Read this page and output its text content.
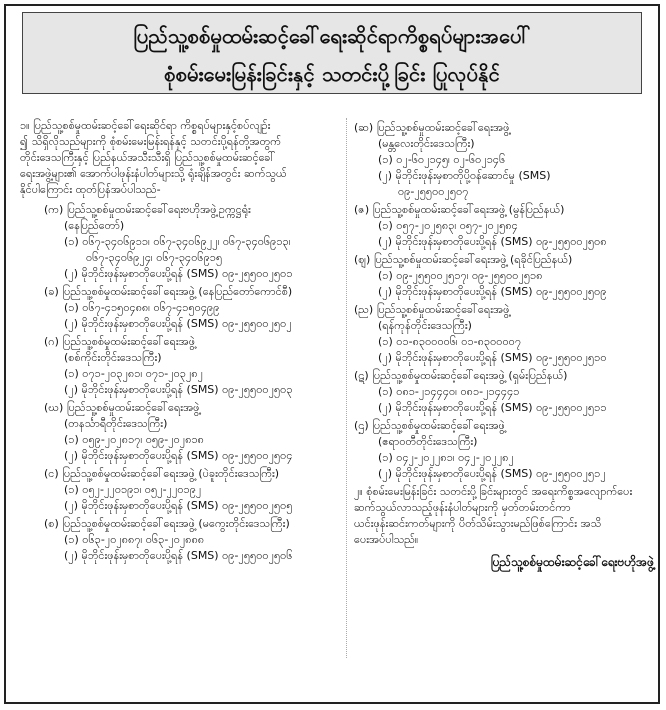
ပြည်သူ့စစ်မှုထမ်းဆင့်ခေါ်ရေးဆိုင်ရာကိစ္စရပ်များအပေါ်
စုံစမ်းမေးမြန်းခြင်းနှင့် သတင်းပို့ခြင်း ပြုလုပ်နိုင်
၁။ ပြည်သူ့စစ်မှုထမ်းဆင့်ခေါ်ရေးဆိုင်ရာ ကိစ္စရပ်များနှင့်စပ်လျဉ်း
၍ သိရှိလိုသည်များကို စုံစမ်းမေးမြန်းရန်နှင့် သတင်းပို့ရန်တို့အတွက်
တိုင်းဒေသကြီးနှင့် ပြည်နယ်အသီးသီးရှိ ပြည်သူ့စစ်မှုထမ်းဆင့်ခေါ်
ရေးအဖွဲ့များ၏ အောက်ပါဖုန်းနံပါတ်များသို့ ရုံးချိန်အတွင်း ဆက်သွယ်
နိုင်ပါကြောင်း ထုတ်ပြန်အပ်ပါသည်-
(က) ပြည်သူ့စစ်မှုထမ်းဆင့်ခေါ်ရေးဗဟိုအဖွဲ့ဥက္ကဋ္ဌရုံး
(နေပြည်တော်)
(၁) ၀၆၇-၃၄၀၆၉၁၁၊ ၀၆၇-၃၄၀၆၉၂၂၊ ၀၆၇-၃၄၀၆၉၁၃၊
၀၆၇-၃၄၀၆၉၂၄၊ ၀၆၇-၃၄၀၆၉၁၅
(၂) မိုဘိုင်းဖုန်းမှစာတိုပေးပို့ရန် (SMS) ၀၉-၂၅၅၀၀၂၅၀၁
(ခ) ပြည်သူ့စစ်မှုထမ်းဆင့်ခေါ်ရေးအဖွဲ့ (နေပြည်တော်ကောင်စီ)
(၁) ၀၆၇-၄၁၅၀၄၈၈၊ ၀၆၇-၄၁၅၀၄၉၉
(၂) မိုဘိုင်းဖုန်းမှစာတိုပေးပို့ရန် (SMS) ၀၉-၂၅၅၀၀၂၅၀၂
(ဂ) ပြည်သူ့စစ်မှုထမ်းဆင့်ခေါ်ရေးအဖွဲ့
(စစ်ကိုင်းတိုင်းဒေသကြီး)
(၁) ၀၇၁-၂၀၃၂၈၁၊ ၀၇၁-၂၀၃၂၈၂
(၂) မိုဘိုင်းဖုန်းမှစာတိုပေးပို့ရန် (SMS) ၀၉-၂၅၅၀၀၂၅၀၃
(ဃ) ပြည်သူ့စစ်မှုထမ်းဆင့်ခေါ်ရေးအဖွဲ့
(တနင်္သာရီတိုင်းဒေသကြီး)
(၁) ၀၅၉-၂၀၂၈၁၇၊ ၀၅၉-၂၀၂၈၁၈
(၂) မိုဘိုင်းဖုန်းမှစာတိုပေးပို့ရန် (SMS) ၀၉-၂၅၅၀၀၂၅၀၄
(င) ပြည်သူ့စစ်မှုထမ်းဆင့်ခေါ်ရေးအဖွဲ့ (ပဲခူးတိုင်းဒေသကြီး)
(၁) ၀၅၂-၂၂၀၁၉၁၊ ၀၅၂-၂၂၀၁၉၂
(၂) မိုဘိုင်းဖုန်းမှစာတိုပေးပို့ရန် (SMS) ၀၉-၂၅၅၀၀၂၅၀၅
(စ) ပြည်သူ့စစ်မှုထမ်းဆင့်ခေါ်ရေးအဖွဲ့ (မကွေးတိုင်းဒေသကြီး)
(၁) ၀၆၃-၂၀၂၈၈၇၊ ၀၆၃-၂၀၂၈၈၈
(၂) မိုဘိုင်းဖုန်းမှစာတိုပေးပို့ရန် (SMS) ၀၉-၂၅၅၀၀၂၅၀၆
(ဆ) ပြည်သူ့စစ်မှုထမ်းဆင့်ခေါ်ရေးအဖွဲ့
(မန္တလေးတိုင်းဒေသကြီး)
(၁) ၀၂-၆၀၂၁၄၅၊ ၀၂-၆၀၂၁၄၆
(၂) မိုဘိုင်းဖုန်းမှစာတိုပို့ဝန်ဆောင်မှု (SMS)
၀၉-၂၅၅၀၀၂၅၀၇
(ဇ) ပြည်သူ့စစ်မှုထမ်းဆင့်ခေါ်ရေးအဖွဲ့ (မွန်ပြည်နယ်)
(၁) ၀၅၇-၂၀၂၅၈၃၊ ၀၅၇-၂၀၂၅၈၄
(၂) မိုဘိုင်းဖုန်းမှစာတိုပေးပို့ရန် (SMS) ၀၉-၂၅၅၀၀၂၅၀၈
(ဈ) ပြည်သူ့စစ်မှုထမ်းဆင့်ခေါ်ရေးအဖွဲ့ (ရခိုင်ပြည်နယ်)
(၁) ၀၉-၂၅၅၀၀၂၅၁၇၊ ၀၉-၂၅၅၀၀၂၅၁၈
(၂) မိုဘိုင်းဖုန်းမှစာတိုပေးပို့ရန် (SMS) ၀၉-၂၅၅၀၀၂၅၀၉
(ည) ပြည်သူ့စစ်မှုထမ်းဆင့်ခေါ်ရေးအဖွဲ့
(ရန်ကုန်တိုင်းဒေသကြီး)
(၁) ၀၁-၈၃၀၀၀၀၆၊ ၀၁-၈၃၀၀၀၀၇
(၂) မိုဘိုင်းဖုန်းမှစာတိုပေးပို့ရန် (SMS) ၀၉-၂၅၅၀၀၂၅၁၀
(ဋ) ပြည်သူ့စစ်မှုထမ်းဆင့်ခေါ်ရေးအဖွဲ့ (ရှမ်းပြည်နယ်)
(၁) ၀၈၁-၂၁၄၄၄၀၊ ၀၈၁-၂၁၄၄၄၁
(၂) မိုဘိုင်းဖုန်းမှစာတိုပေးပို့ရန် (SMS) ၀၉-၂၅၅၀၀၂၅၁၁
(ဌ) ပြည်သူ့စစ်မှုထမ်းဆင့်ခေါ်ရေးအဖွဲ့
(ဧရာဝတီတိုင်းဒေသကြီး)
(၁) ၀၄၂-၂၀၂၂၈၁၊ ၀၄၂-၂၀၂၂၈၂
(၂) မိုဘိုင်းဖုန်းမှစာတိုပေးပို့ရန် (SMS) ၀၉-၂၅၅၀၀၂၅၁၂
၂။ စုံစမ်းမေးမြန်းခြင်း သတင်းပို့ခြင်းများတွင် အရေးကိစ္စအလျောက်ပေး
ဆက်သွယ်လာသည့်ဖုန်းနံပါတ်များကို မှတ်တမ်းတင်ကာ
ယင်းဖုန်းဆင်းကတ်များကို ပိတ်သိမ်းသွားမည်ဖြစ်ကြောင်း အသိ
ပေးအပ်ပါသည်။
ပြည်သူ့စစ်မှုထမ်းဆင့်ခေါ်ရေးဗဟိုအဖွဲ့
